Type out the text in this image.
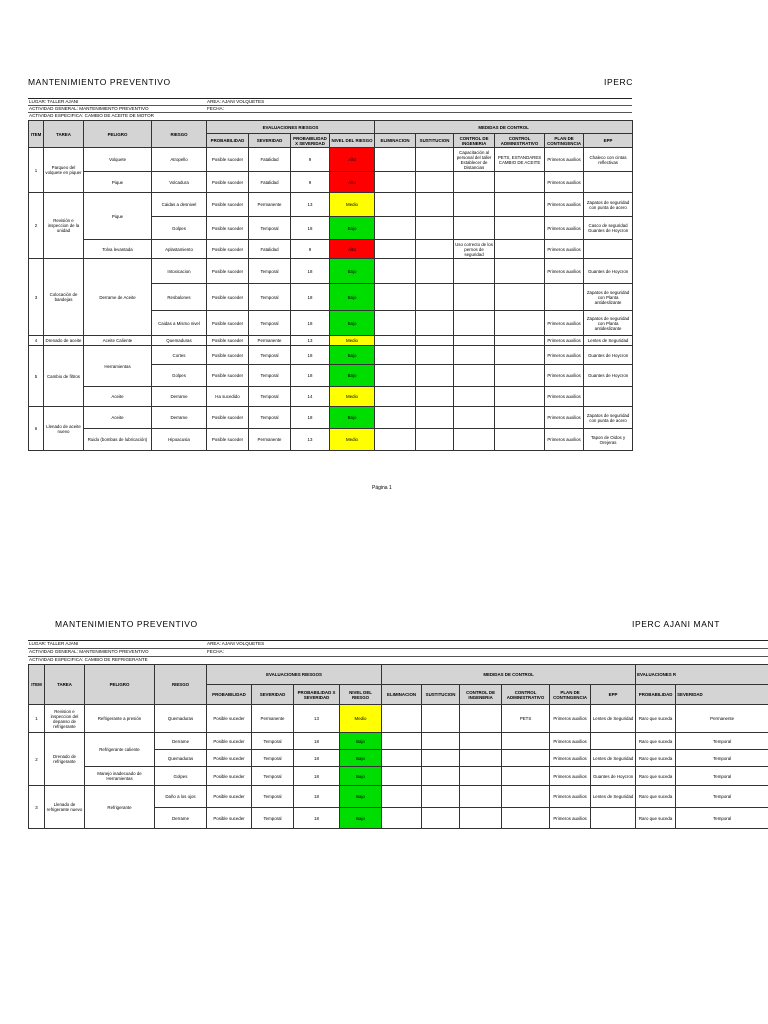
MANTENIMIENTO PREVENTIVO	IPERC
LUGAR: TALLER AJANI	AREA: AJANI VOLQUETES
ACTIVIDAD GENERAL: MANTENIMIENTO PREVENTIVO	FECHA:
ACTIVIDAD ESPECIFICA: CAMBIO DE ACEITE DE MOTOR
ITEM	TAREA	PELIGRO	RIESGO	EVALUACIONES RIESGOS				MEDIDAS DE CONTROL					
				PROBABILIDAD	SEVERIDAD	PROBABILIDAD X SEVERIDAD	NIVEL DEL RIESGO	ELIMINACION	SUSTITUCION	CONTROL DE INGENERIA	CONTROL ADMINISTRATIVO	PLAN DE CONTINGENCIA	EPP
1	Parqueo del volquete en piquer	Volquete	Atropello	Posible suceder	Fatalidad	9	Alto			Capacitación al personal del taller Establecer de Distancias	PETS, ESTANDARES CAMBIO DE ACEITE	Primeros auxilios	Chaleco con cintas reflectivas
		Pique	Volcadura	Posible suceder	Fatalidad	9	Alto					Primeros auxilios	
2	Revisión e inspeccion de la unidad	Pique	Caidas a desnivel	Posible suceder	Permanente	13	Medio					Primeros auxilios	Zapatos de seguridad con punta de acero
			Golpes	Posible suceder	Temporal	18	Bajo					Primeros auxilios	Casco de seguridad Guantes de Hoycron
		Tolva levantada	Aplastamiento	Posible suceder	Fatalidad	9	Alto			Uso correcto de los pernos de seguridad		Primeros auxilios	
3	Colocación de bandejas	Derrame de Aceite	Intoxicacion	Posible suceder	Temporal	18	Bajo					Primeros auxilios	Guantes de Hoycron
			Resbalones	Posible suceder	Temporal	18	Bajo						Zapatos de seguridad con Planta antideslizante
			Caidas a Mismo nivel	Posible suceder	Temporal	18	Bajo					Primeros auxilios	Zapatos de seguridad con Planta antideslizante
4	Drenado de aceite	Aceite Caliente	Quemaduras	Posible suceder	Permanente	13	Medio					Primeros auxilios	Lentes de Seguridad
5	Cambio de filtros	Herramientas	Cortes	Posible suceder	Temporal	18	Bajo					Primeros auxilios	Guantes de Hoycron
			Golpes	Posible suceder	Temporal	18	Bajo					Primeros auxilios	Guantes de Hoycron
		Aceite	Derrame	Ha sucedido	Temporal	14	Medio					Primeros auxilios	
6	Llenado de aceite nuevo	Aceite	Derrame	Posible suceder	Temporal	18	Bajo					Primeros auxilios	Zapatos de seguridad con punta de acero
		Ruido (bombas de lubricación)	Hipoacusia	Posible suceder	Permanente	13	Medio					Primeros auxilios	Tapon de Oidos y Orejeras
Página 1
MANTENIMIENTO PREVENTIVO	IPERC AJANI MANT
LUGAR: TALLER AJANI	AREA: AJANI VOLQUETES
ACTIVIDAD GENERAL: MANTENIMIENTO PREVENTIVO	FECHA:
ACTIVIDAD ESPECIFICA: CAMBIO DE REFRIGERANTE
ITEM	TAREA	PELIGRO	RIESGO	EVALUACIONES RIESGOS				MEDIDAS DE CONTROL						EVALUACIONES R	
				PROBABILIDAD	SEVERIDAD	PROBABILIDAD X SEVERIDAD	NIVEL DEL RIESGO	ELIMINACION	SUSTITUCION	CONTROL DE INGENERIA	CONTROL ADMINISTRATIVO	PLAN DE CONTINGENCIA	EPP	PROBABILIDAD	SEVERIDAD
1	Revision e inspeccion del depanso de refrigerante	Refrigerante a presión	Quemaduras	Posible suceder	Permanente	13	Medio				PETS	Primeros auxilios	Lentes de Seguridad	Raro que suceda	Permanente
2	Drenado de refrigerante	Refrigerante caliente	Derrame	Posible suceder	Temporal	18	Bajo					Primeros auxilios		Raro que suceda	Temporal
			Quemaduras	Posible suceder	Temporal	18	Bajo					Primeros auxilios	Lentes de Seguridad	Raro que suceda	Temporal
		Manejo inadecuado de Herramientas	Golpes	Posible suceder	Temporal	18	Bajo					Primeros auxilios	Guantes de Hoycron	Raro que suceda	Temporal
3	Llenado de refrigerante nuevo	Refrigerante	Daño a los ojos	Posible suceder	Temporal	18	Bajo					Primeros auxilios	Lentes de Seguridad	Raro que suceda	Temporal
			Derrame	Posible suceder	Temporal	18	Bajo					Primeros auxilios		Raro que suceda	Temporal
